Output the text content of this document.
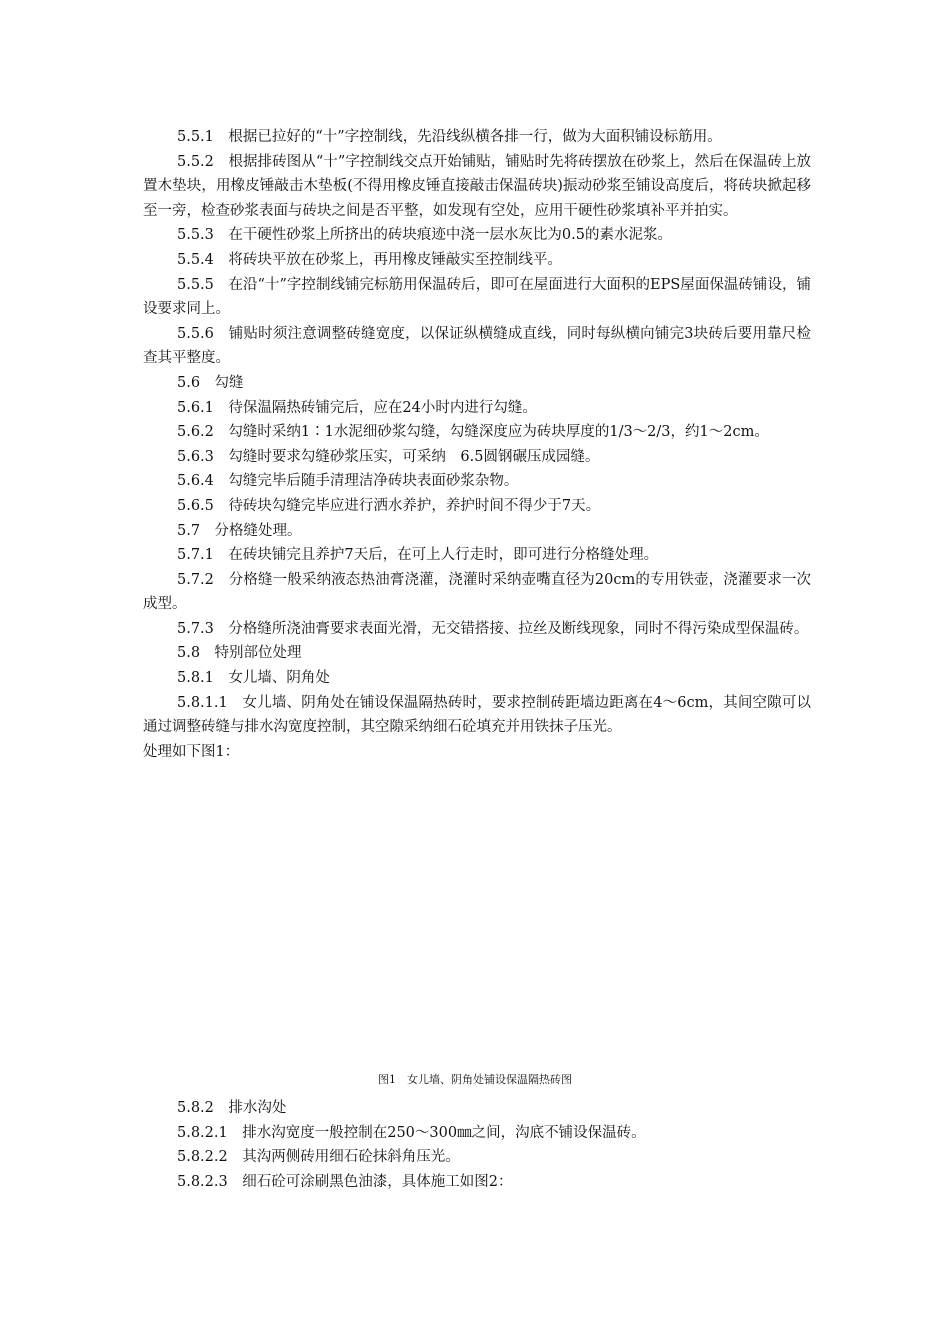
5.5.1　根据已拉好的“十”字控制线，先沿线纵横各排一行，做为大面积铺设标筋用。

5.5.2　根据排砖图从“十”字控制线交点开始铺贴，铺贴时先将砖摆放在砂浆上，然后在保温砖上放置木垫块，用橡皮锤敲击木垫板(不得用橡皮锤直接敲击保温砖块)振动砂浆至铺设高度后，将砖块掀起移至一旁，检查砂浆表面与砖块之间是否平整，如发现有空处，应用干硬性砂浆填补平并拍实。

5.5.3　在干硬性砂浆上所挤出的砖块痕迹中浇一层水灰比为0.5的素水泥浆。

5.5.4　将砖块平放在砂浆上，再用橡皮锤敲实至控制线平。

5.5.5　在沿“十”字控制线铺完标筋用保温砖后，即可在屋面进行大面积的EPS屋面保温砖铺设，铺设要求同上。

5.5.6　铺贴时须注意调整砖缝宽度，以保证纵横缝成直线，同时每纵横向铺完3块砖后要用靠尺检查其平整度。

5.6　勾缝

5.6.1　待保温隔热砖铺完后，应在24小时内进行勾缝。

5.6.2　勾缝时采纳1∶1水泥细砂浆勾缝，勾缝深度应为砖块厚度的1/3～2/3，约1～2cm。

5.6.3　勾缝时要求勾缝砂浆压实，可采纳　6.5圆钢碾压成园缝。

5.6.4　勾缝完毕后随手清理洁净砖块表面砂浆杂物。

5.6.5　待砖块勾缝完毕应进行洒水养护，养护时间不得少于7天。

5.7　分格缝处理。

5.7.1　在砖块铺完且养护7天后，在可上人行走时，即可进行分格缝处理。

5.7.2　分格缝一般采纳液态热油膏浇灌，浇灌时采纳壶嘴直径为20cm的专用铁壶，浇灌要求一次成型。

5.7.3　分格缝所浇油膏要求表面光滑，无交错搭接、拉丝及断线现象，同时不得污染成型保温砖。

5.8　特别部位处理

5.8.1　女儿墙、阴角处

5.8.1.1　女儿墙、阴角处在铺设保温隔热砖时，要求控制砖距墙边距离在4～6cm，其间空隙可以通过调整砖缝与排水沟宽度控制，其空隙采纳细石砼填充并用铁抹子压光。

处理如下图1：

图1　女儿墙、阴角处铺设保温隔热砖图

5.8.2　排水沟处

5.8.2.1　排水沟宽度一般控制在250～300㎜之间，沟底不铺设保温砖。

5.8.2.2　其沟两侧砖用细石砼抹斜角压光。

5.8.2.3　细石砼可涂刷黑色油漆，具体施工如图2：
